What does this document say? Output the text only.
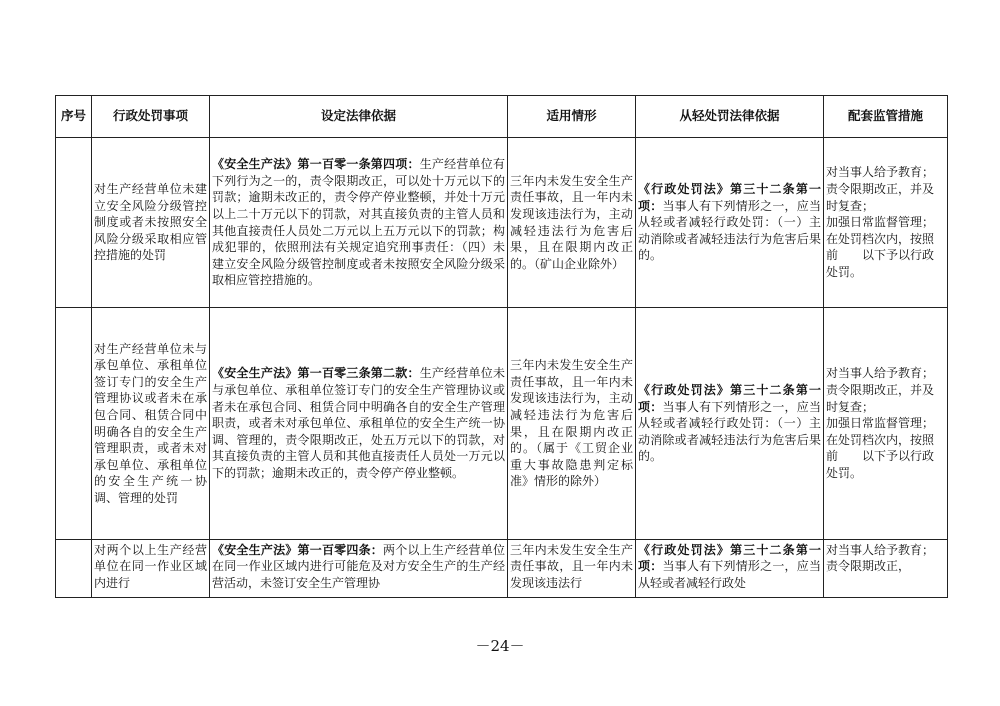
序号	行政处罚事项	设定法律依据	适用情形	从轻处罚法律依据	配套监管措施
	对生产经营单位未建立安全风险分级管控制度或者未按照安全风险分级采取相应管控措施的处罚	《安全生产法》第一百零一条第四项：生产经营单位有下列行为之一的，责令限期改正，可以处十万元以下的罚款；逾期未改正的，责令停产停业整顿，并处十万元以上二十万元以下的罚款，对其直接负责的主管人员和其他直接责任人员处二万元以上五万元以下的罚款；构成犯罪的，依照刑法有关规定追究刑事责任：（四）未建立安全风险分级管控制度或者未按照安全风险分级采取相应管控措施的。	三年内未发生安全生产责任事故，且一年内未发现该违法行为，主动减轻违法行为危害后果，且在限期内改正的。（矿山企业除外）	《行政处罚法》第三十二条第一项：当事人有下列情形之一，应当从轻或者减轻行政处罚：（一）主动消除或者减轻违法行为危害后果的。	对当事人给予教育；
责令限期改正，并及时复查；
加强日常监督管理；
在处罚档次内，按照前　　以下予以行政处罚。

	对生产经营单位未与承包单位、承租单位签订专门的安全生产管理协议或者未在承包合同、租赁合同中明确各自的安全生产管理职责，或者未对承包单位、承租单位的安全生产统一协调、管理的处罚	《安全生产法》第一百零三条第二款：生产经营单位未与承包单位、承租单位签订专门的安全生产管理协议或者未在承包合同、租赁合同中明确各自的安全生产管理职责，或者未对承包单位、承租单位的安全生产统一协调、管理的，责令限期改正，处五万元以下的罚款，对其直接负责的主管人员和其他直接责任人员处一万元以下的罚款；逾期未改正的，责令停产停业整顿。	三年内未发生安全生产责任事故，且一年内未发现该违法行为，主动减轻违法行为危害后果，且在限期内改正的。（属于《工贸企业重大事故隐患判定标准》情形的除外）	《行政处罚法》第三十二条第一项：当事人有下列情形之一，应当从轻或者减轻行政处罚：（一）主动消除或者减轻违法行为危害后果的。	对当事人给予教育；
责令限期改正，并及时复查；
加强日常监督管理；
在处罚档次内，按照前　　以下予以行政处罚。

	对两个以上生产经营单位在同一作业区域内进行	《安全生产法》第一百零四条：两个以上生产经营单位在同一作业区域内进行可能危及对方安全生产的生产经营活动，未签订安全生产管理协	三年内未发生安全生产责任事故，且一年内未发现该违法行	《行政处罚法》第三十二条第一项：当事人有下列情形之一，应当从轻或者减轻行政处	对当事人给予教育；
责令限期改正，
－24－
